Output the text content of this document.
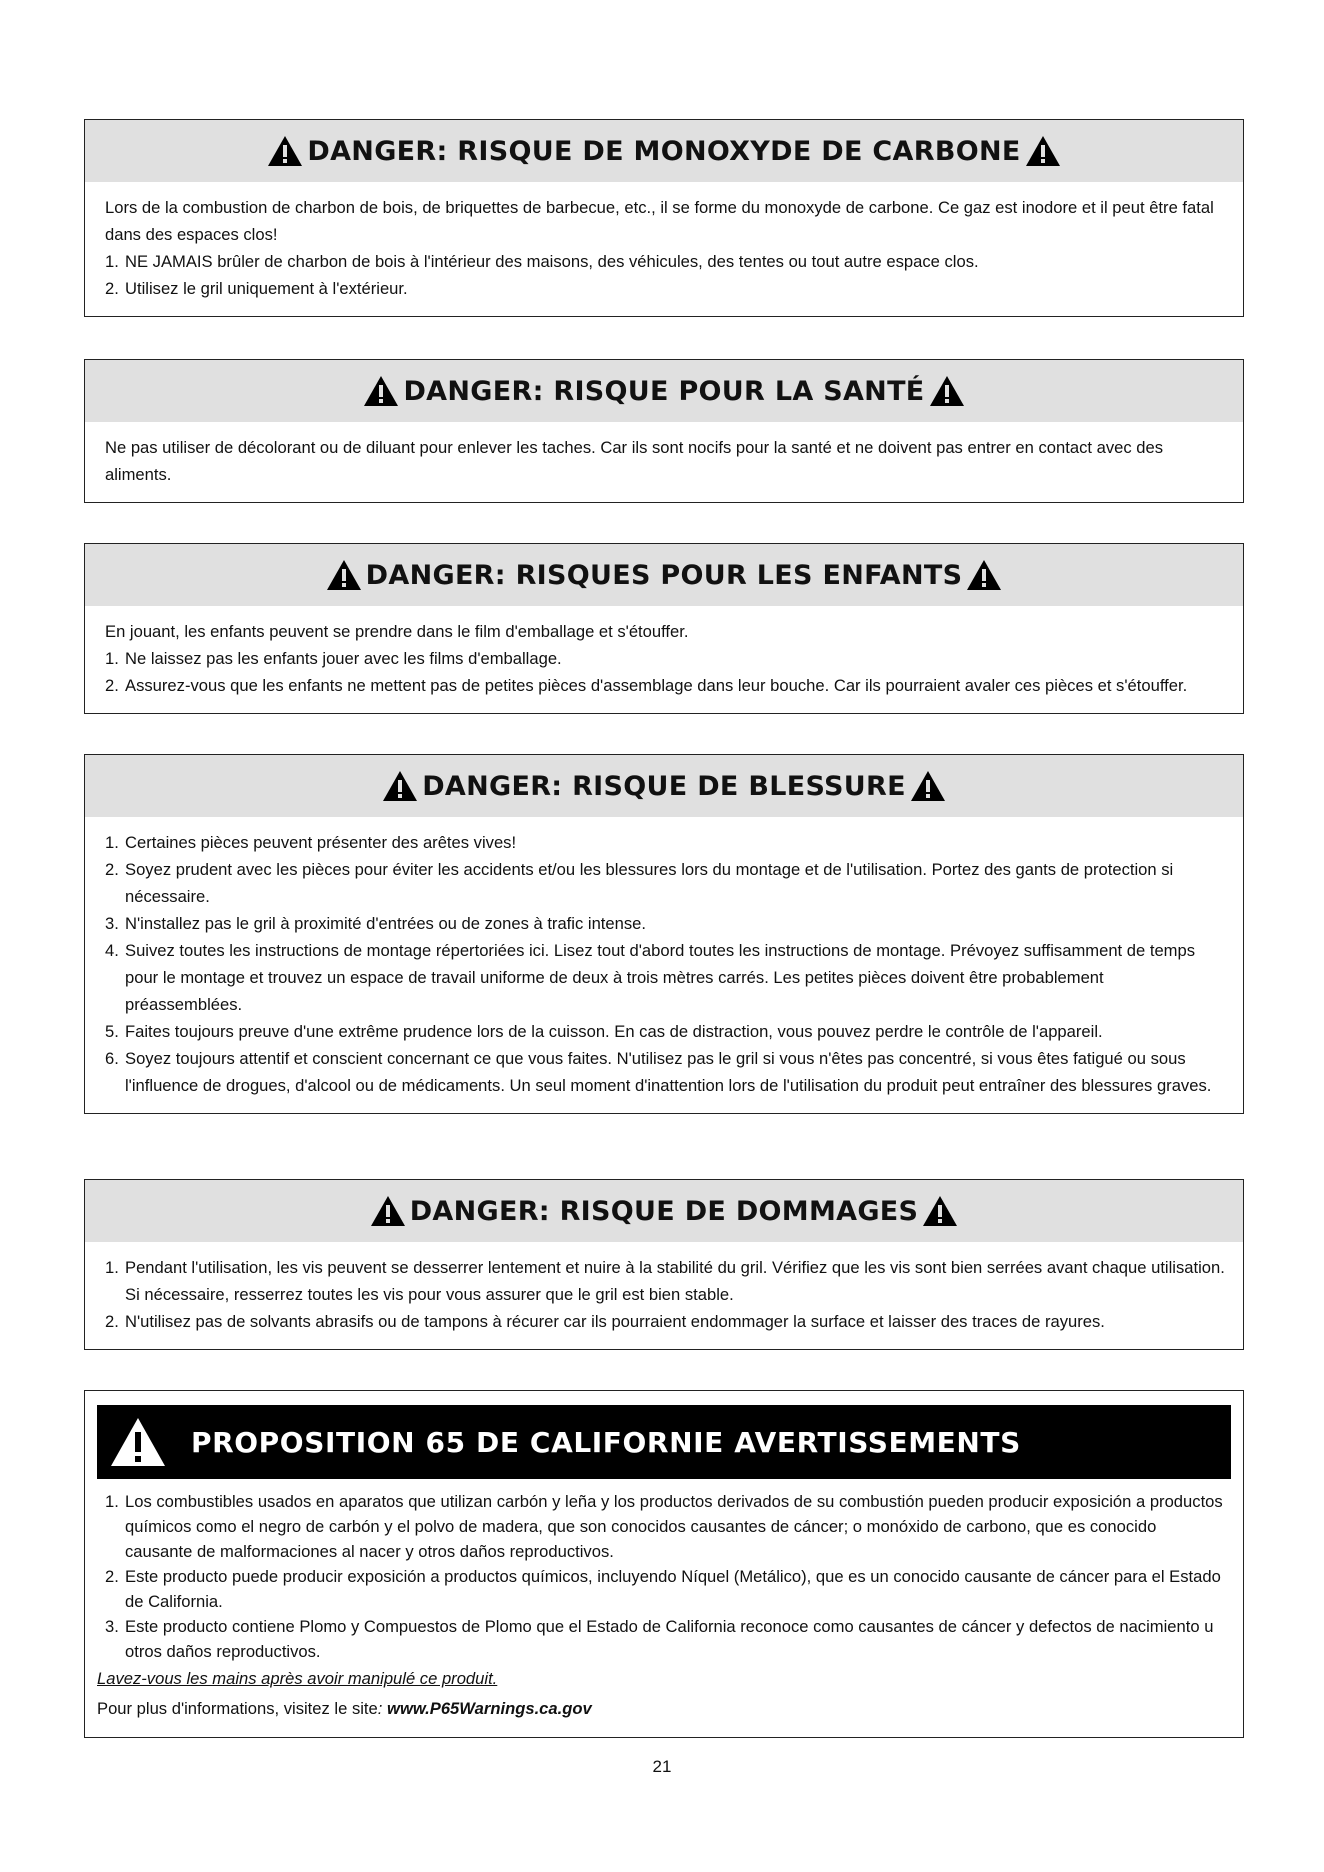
DANGER: RISQUE DE MONOXYDE DE CARBONE

Lors de la combustion de charbon de bois, de briquettes de barbecue, etc., il se forme du monoxyde de carbone. Ce gaz est inodore et il peut être fatal dans des espaces clos!

1. NE JAMAIS brûler de charbon de bois à l'intérieur des maisons, des véhicules, des tentes ou tout autre espace clos.
2. Utilisez le gril uniquement à l'extérieur.
DANGER: RISQUE POUR LA SANTÉ

Ne pas utiliser de décolorant ou de diluant pour enlever les taches. Car ils sont nocifs pour la santé et ne doivent pas entrer en contact avec des aliments.

DANGER: RISQUES POUR LES ENFANTS

En jouant, les enfants peuvent se prendre dans le film d'emballage et s'étouffer.

1. Ne laissez pas les enfants jouer avec les films d'emballage.
2. Assurez-vous que les enfants ne mettent pas de petites pièces d'assemblage dans leur bouche. Car ils pourraient avaler ces pièces et s'étouffer.
DANGER: RISQUE DE BLESSURE
1. Certaines pièces peuvent présenter des arêtes vives!
2. Soyez prudent avec les pièces pour éviter les accidents et/ou les blessures lors du montage et de l'utilisation. Portez des gants de protection si nécessaire.
3. N'installez pas le gril à proximité d'entrées ou de zones à trafic intense.
4. Suivez toutes les instructions de montage répertoriées ici. Lisez tout d'abord toutes les instructions de montage. Prévoyez suffisamment de temps pour le montage et trouvez un espace de travail uniforme de deux à trois mètres carrés. Les petites pièces doivent être probablement préassemblées.
5. Faites toujours preuve d'une extrême prudence lors de la cuisson. En cas de distraction, vous pouvez perdre le contrôle de l'appareil.
6. Soyez toujours attentif et conscient concernant ce que vous faites. N'utilisez pas le gril si vous n'êtes pas concentré, si vous êtes fatigué ou sous l'influence de drogues, d'alcool ou de médicaments. Un seul moment d'inattention lors de l'utilisation du produit peut entraîner des blessures graves.
DANGER: RISQUE DE DOMMAGES
1. Pendant l'utilisation, les vis peuvent se desserrer lentement et nuire à la stabilité du gril. Vérifiez que les vis sont bien serrées avant chaque utilisation. Si nécessaire, resserrez toutes les vis pour vous assurer que le gril est bien stable.
2. N'utilisez pas de solvants abrasifs ou de tampons à récurer car ils pourraient endommager la surface et laisser des traces de rayures.
PROPOSITION 65 DE CALIFORNIE AVERTISSEMENTS
1. Los combustibles usados en aparatos que utilizan carbón y leña y los productos derivados de su combustión pueden producir exposición a productos químicos como el negro de carbón y el polvo de madera, que son conocidos causantes de cáncer; o monóxido de carbono, que es conocido causante de malformaciones al nacer y otros daños reproductivos.
2. Este producto puede producir exposición a productos químicos, incluyendo Níquel (Metálico), que es un conocido causante de cáncer para el Estado de California.
3. Este producto contiene Plomo y Compuestos de Plomo que el Estado de California reconoce como causantes de cáncer y defectos de nacimiento u otros daños reproductivos.
Lavez-vous les mains après avoir manipulé ce produit.
Pour plus d'informations, visitez le site: www.P65Warnings.ca.gov
21
